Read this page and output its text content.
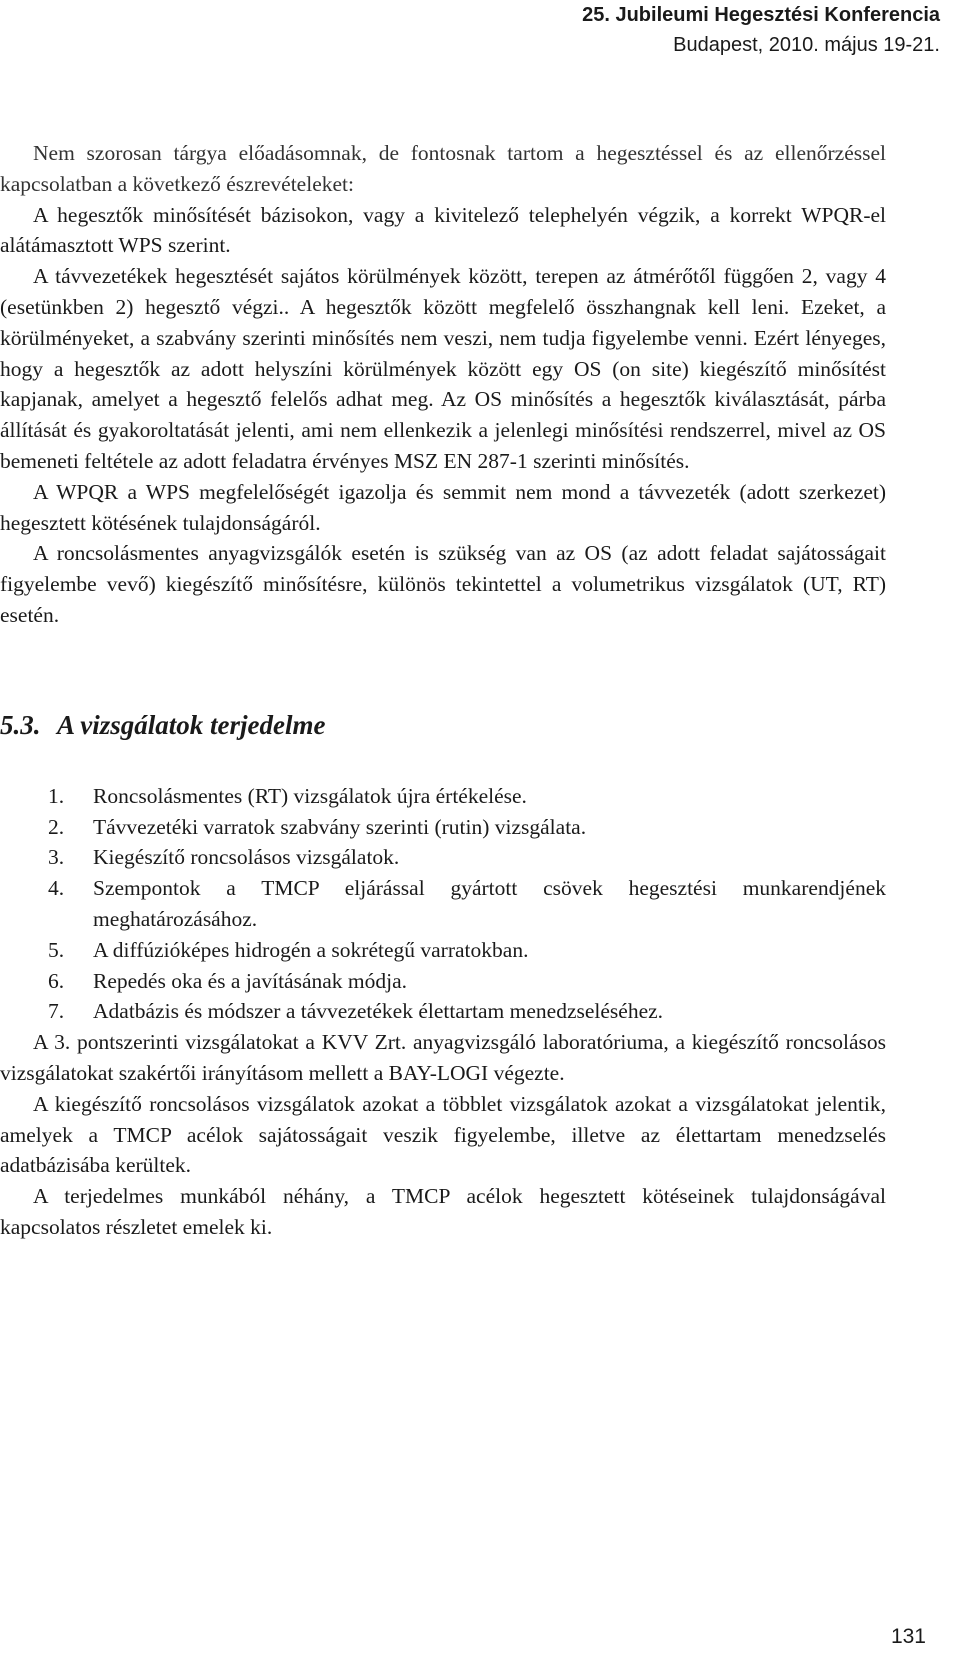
25. Jubileumi Hegesztési Konferencia
Budapest, 2010. május 19-21.

Nem szorosan tárgya előadásomnak, de fontosnak tartom a hegesztéssel és az ellenőrzéssel kapcsolatban a következő észrevételeket:

A hegesztők minősítését bázisokon, vagy a kivitelező telephelyén végzik, a korrekt WPQR-el alátámasztott WPS szerint.

A távvezetékek hegesztését sajátos körülmények között, terepen az átmérőtől függően 2, vagy 4 (esetünkben 2) hegesztő végzi.. A hegesztők között megfelelő összhangnak kell leni. Ezeket, a körülményeket, a szabvány szerinti minősítés nem veszi, nem tudja figyelembe venni. Ezért lényeges, hogy a hegesztők az adott helyszíni körülmények között egy OS (on site) kiegészítő minősítést kapjanak, amelyet a hegesztő felelős adhat meg. Az OS minősítés a hegesztők kiválasztását, párba állítását és gyakoroltatását jelenti, ami nem ellenkezik a jelenlegi minősítési rendszerrel, mivel az OS bemeneti feltétele az adott feladatra érvényes MSZ EN 287-1 szerinti minősítés.

A WPQR a WPS megfelelőségét igazolja és semmit nem mond a távvezeték (adott szerkezet) hegesztett kötésének tulajdonságáról.

A roncsolásmentes anyagvizsgálók esetén is szükség van az OS (az adott feladat sajátosságait figyelembe vevő) kiegészítő minősítésre, különös tekintettel a volumetrikus vizsgálatok (UT, RT) esetén.

5.3. A vizsgálatok terjedelme
1. Roncsolásmentes (RT) vizsgálatok újra értékelése.
2. Távvezetéki varratok szabvány szerinti (rutin) vizsgálata.
3. Kiegészítő roncsolásos vizsgálatok.
4. Szempontok a TMCP eljárással gyártott csövek hegesztési munkarendjének meghatározásához.
5. A diffúzióképes hidrogén a sokrétegű varratokban.
6. Repedés oka és a javításának módja.
7. Adatbázis és módszer a távvezetékek élettartam menedzseléséhez.

A 3. pontszerinti vizsgálatokat a KVV Zrt. anyagvizsgáló laboratóriuma, a kiegészítő roncsolásos vizsgálatokat szakértői irányításom mellett a BAY-LOGI végezte.

A kiegészítő roncsolásos vizsgálatok azokat a többlet vizsgálatok azokat a vizsgálatokat jelentik, amelyek a TMCP acélok sajátosságait veszik figyelembe, illetve az élettartam menedzselés adatbázisába kerültek.

A terjedelmes munkából néhány, a TMCP acélok hegesztett kötéseinek tulajdonságával kapcsolatos részletet emelek ki.

131
